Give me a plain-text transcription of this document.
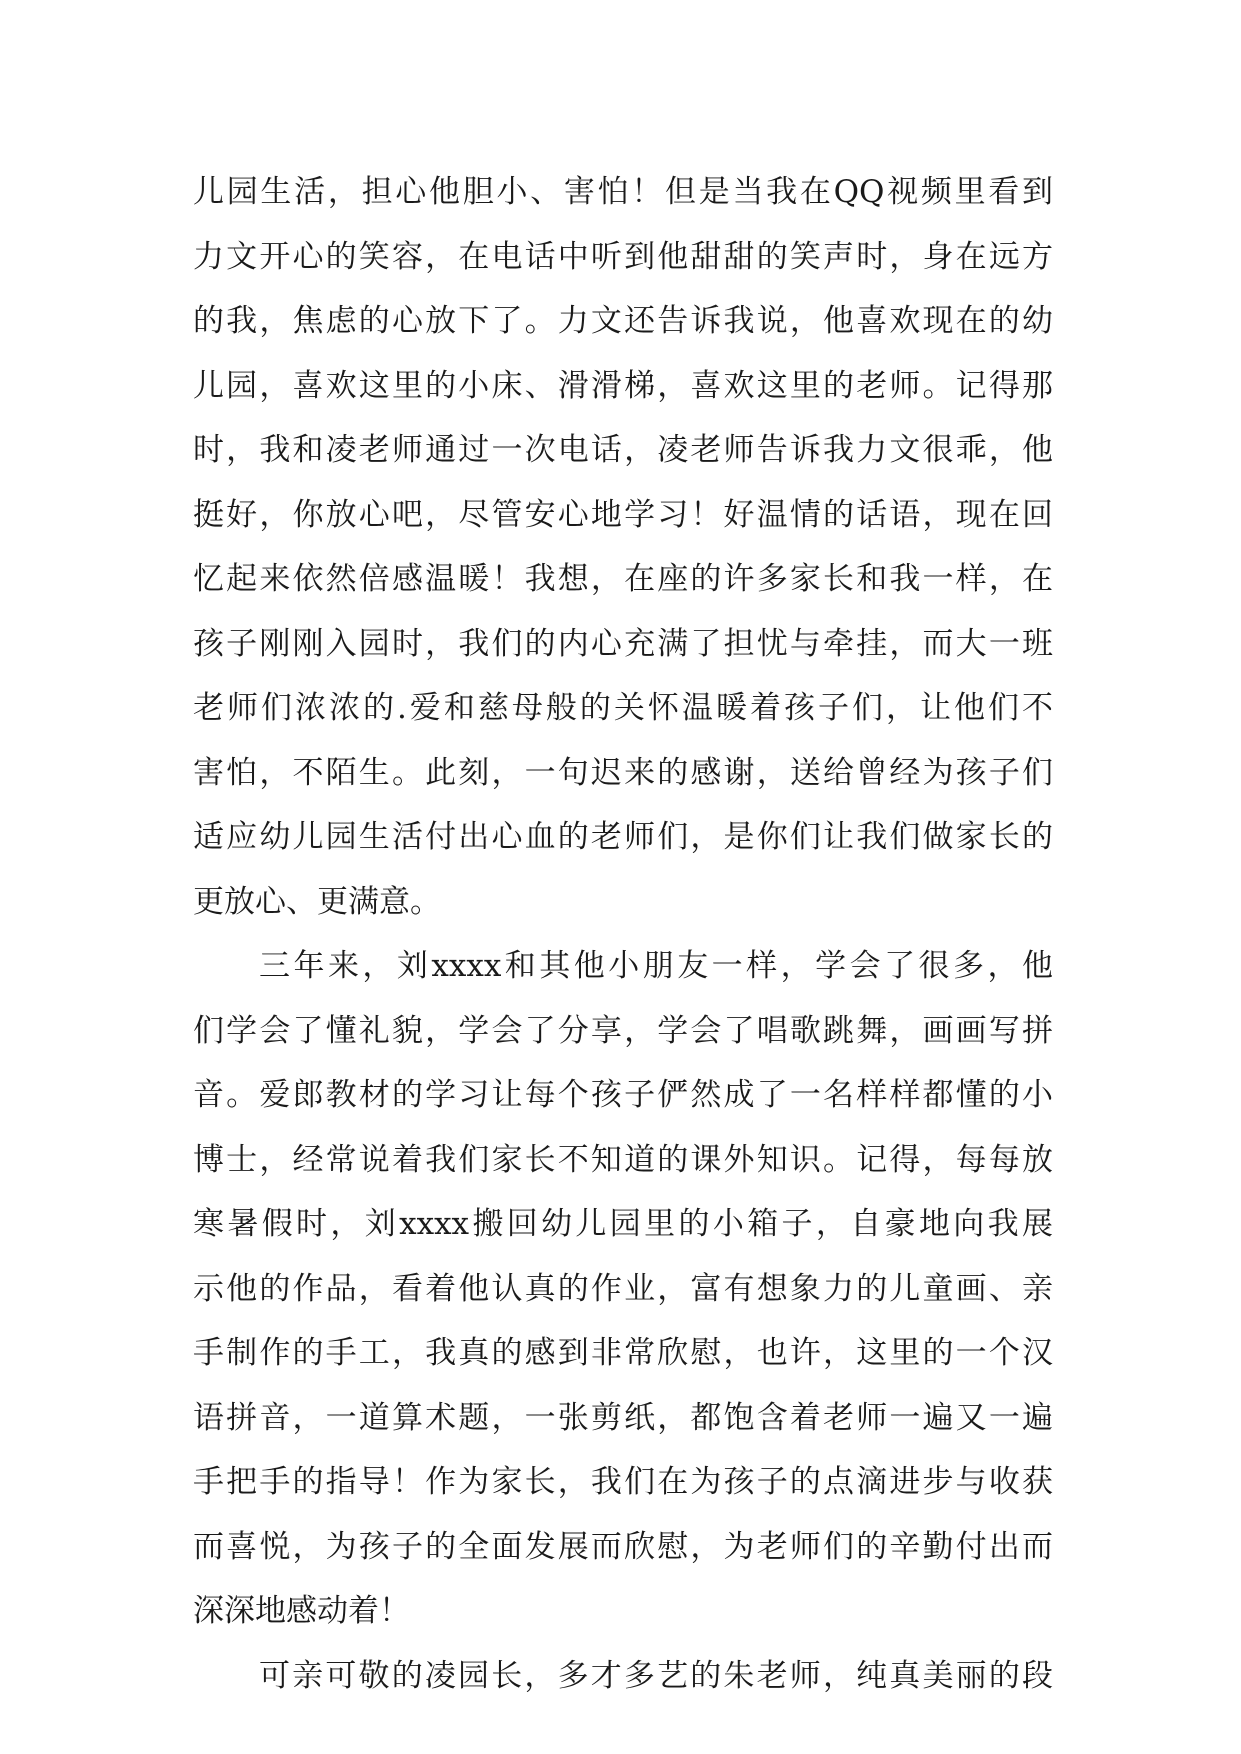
儿园生活，担心他胆小、害怕！但是当我在QQ视频里看到
力文开心的笑容，在电话中听到他甜甜的笑声时，身在远方
的我，焦虑的心放下了。力文还告诉我说，他喜欢现在的幼
儿园，喜欢这里的小床、滑滑梯，喜欢这里的老师。记得那
时，我和凌老师通过一次电话，凌老师告诉我力文很乖，他
挺好，你放心吧，尽管安心地学习！好温情的话语，现在回
忆起来依然倍感温暖！我想，在座的许多家长和我一样，在
孩子刚刚入园时，我们的内心充满了担忧与牵挂，而大一班
老师们浓浓的.爱和慈母般的关怀温暖着孩子们，让他们不
害怕，不陌生。此刻，一句迟来的感谢，送给曾经为孩子们
适应幼儿园生活付出心血的老师们，是你们让我们做家长的
更放心、更满意。
三年来，刘xxxx和其他小朋友一样，学会了很多，他
们学会了懂礼貌，学会了分享，学会了唱歌跳舞，画画写拼
音。爱郎教材的学习让每个孩子俨然成了一名样样都懂的小
博士，经常说着我们家长不知道的课外知识。记得，每每放
寒暑假时，刘xxxx搬回幼儿园里的小箱子，自豪地向我展
示他的作品，看着他认真的作业，富有想象力的儿童画、亲
手制作的手工，我真的感到非常欣慰，也许，这里的一个汉
语拼音，一道算术题，一张剪纸，都饱含着老师一遍又一遍
手把手的指导！作为家长，我们在为孩子的点滴进步与收获
而喜悦，为孩子的全面发展而欣慰，为老师们的辛勤付出而
深深地感动着！
可亲可敬的凌园长，多才多艺的朱老师，纯真美丽的段
